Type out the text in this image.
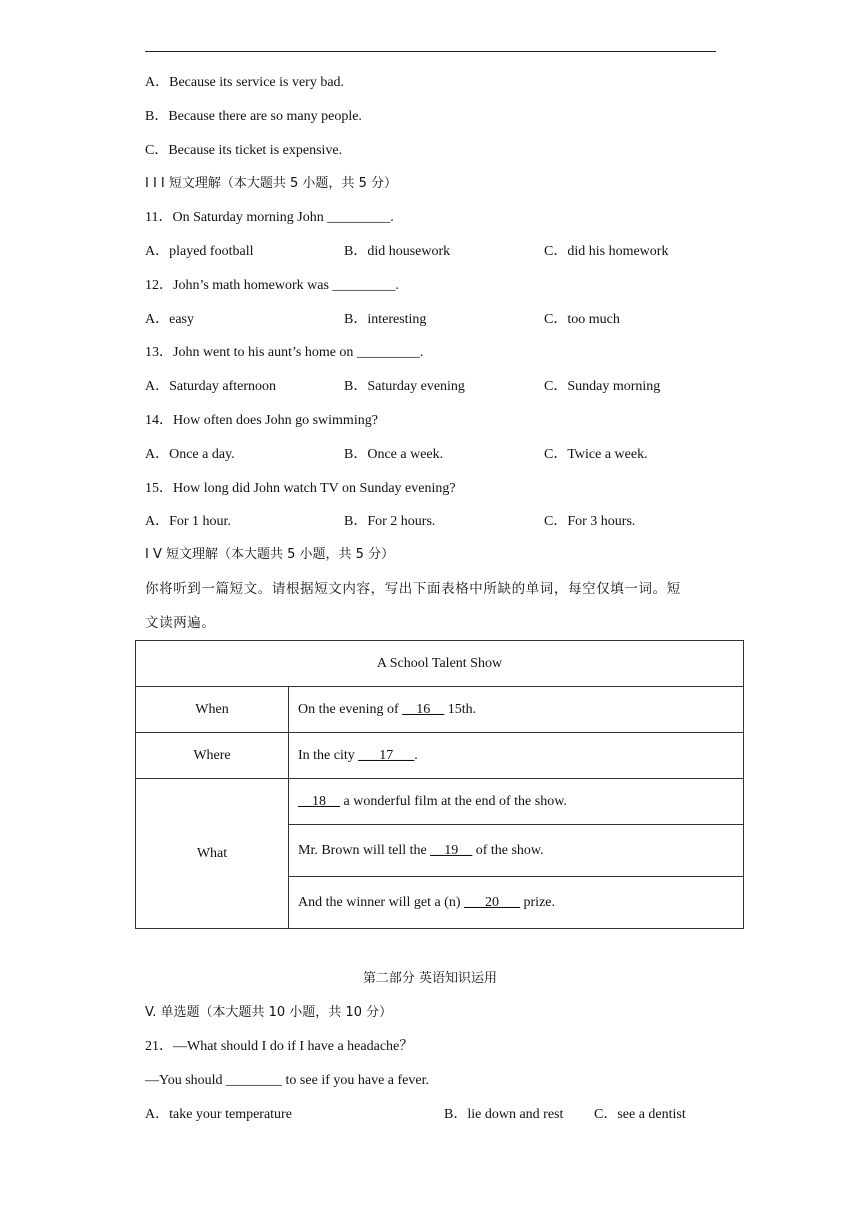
A．Because its service is very bad.
B．Because there are so many people.
C．Because its ticket is expensive.
I I I 短文理解（本大题共 5 小题，共 5 分）
11．On Saturday morning John _________.
A．played football	B．did housework	C．did his homework
12．John’s math homework was _________.
A．easy	B．interesting	C．too much
13．John went to his aunt’s home on _________.
A．Saturday afternoon	B．Saturday evening	C．Sunday morning
14．How often does John go swimming?
A．Once a day.	B．Once a week.	C．Twice a week.
15．How long did John watch TV on Sunday evening?
A．For 1 hour.	B．For 2 hours.	C．For 3 hours.
I V 短文理解（本大题共 5 小题，共 5 分）
你将听到一篇短文。请根据短文内容，写出下面表格中所缺的单词，每空仅填一词。短
文读两遍。
A School Talent Show	
When	On the evening of __16__ 15th.
Where	In the city ___17___.
What	__18__ a wonderful film at the end of the show.
	Mr. Brown will tell the __19__ of the show.
	And the winner will get a (n) ___20___ prize.
第二部分 英语知识运用
V. 单选题（本大题共 10 小题，共 10 分）
21．—What should I do if I have a headache？
—You should ________ to see if you have a fever.
A．take your temperature	B．lie down and rest C．see a dentist
